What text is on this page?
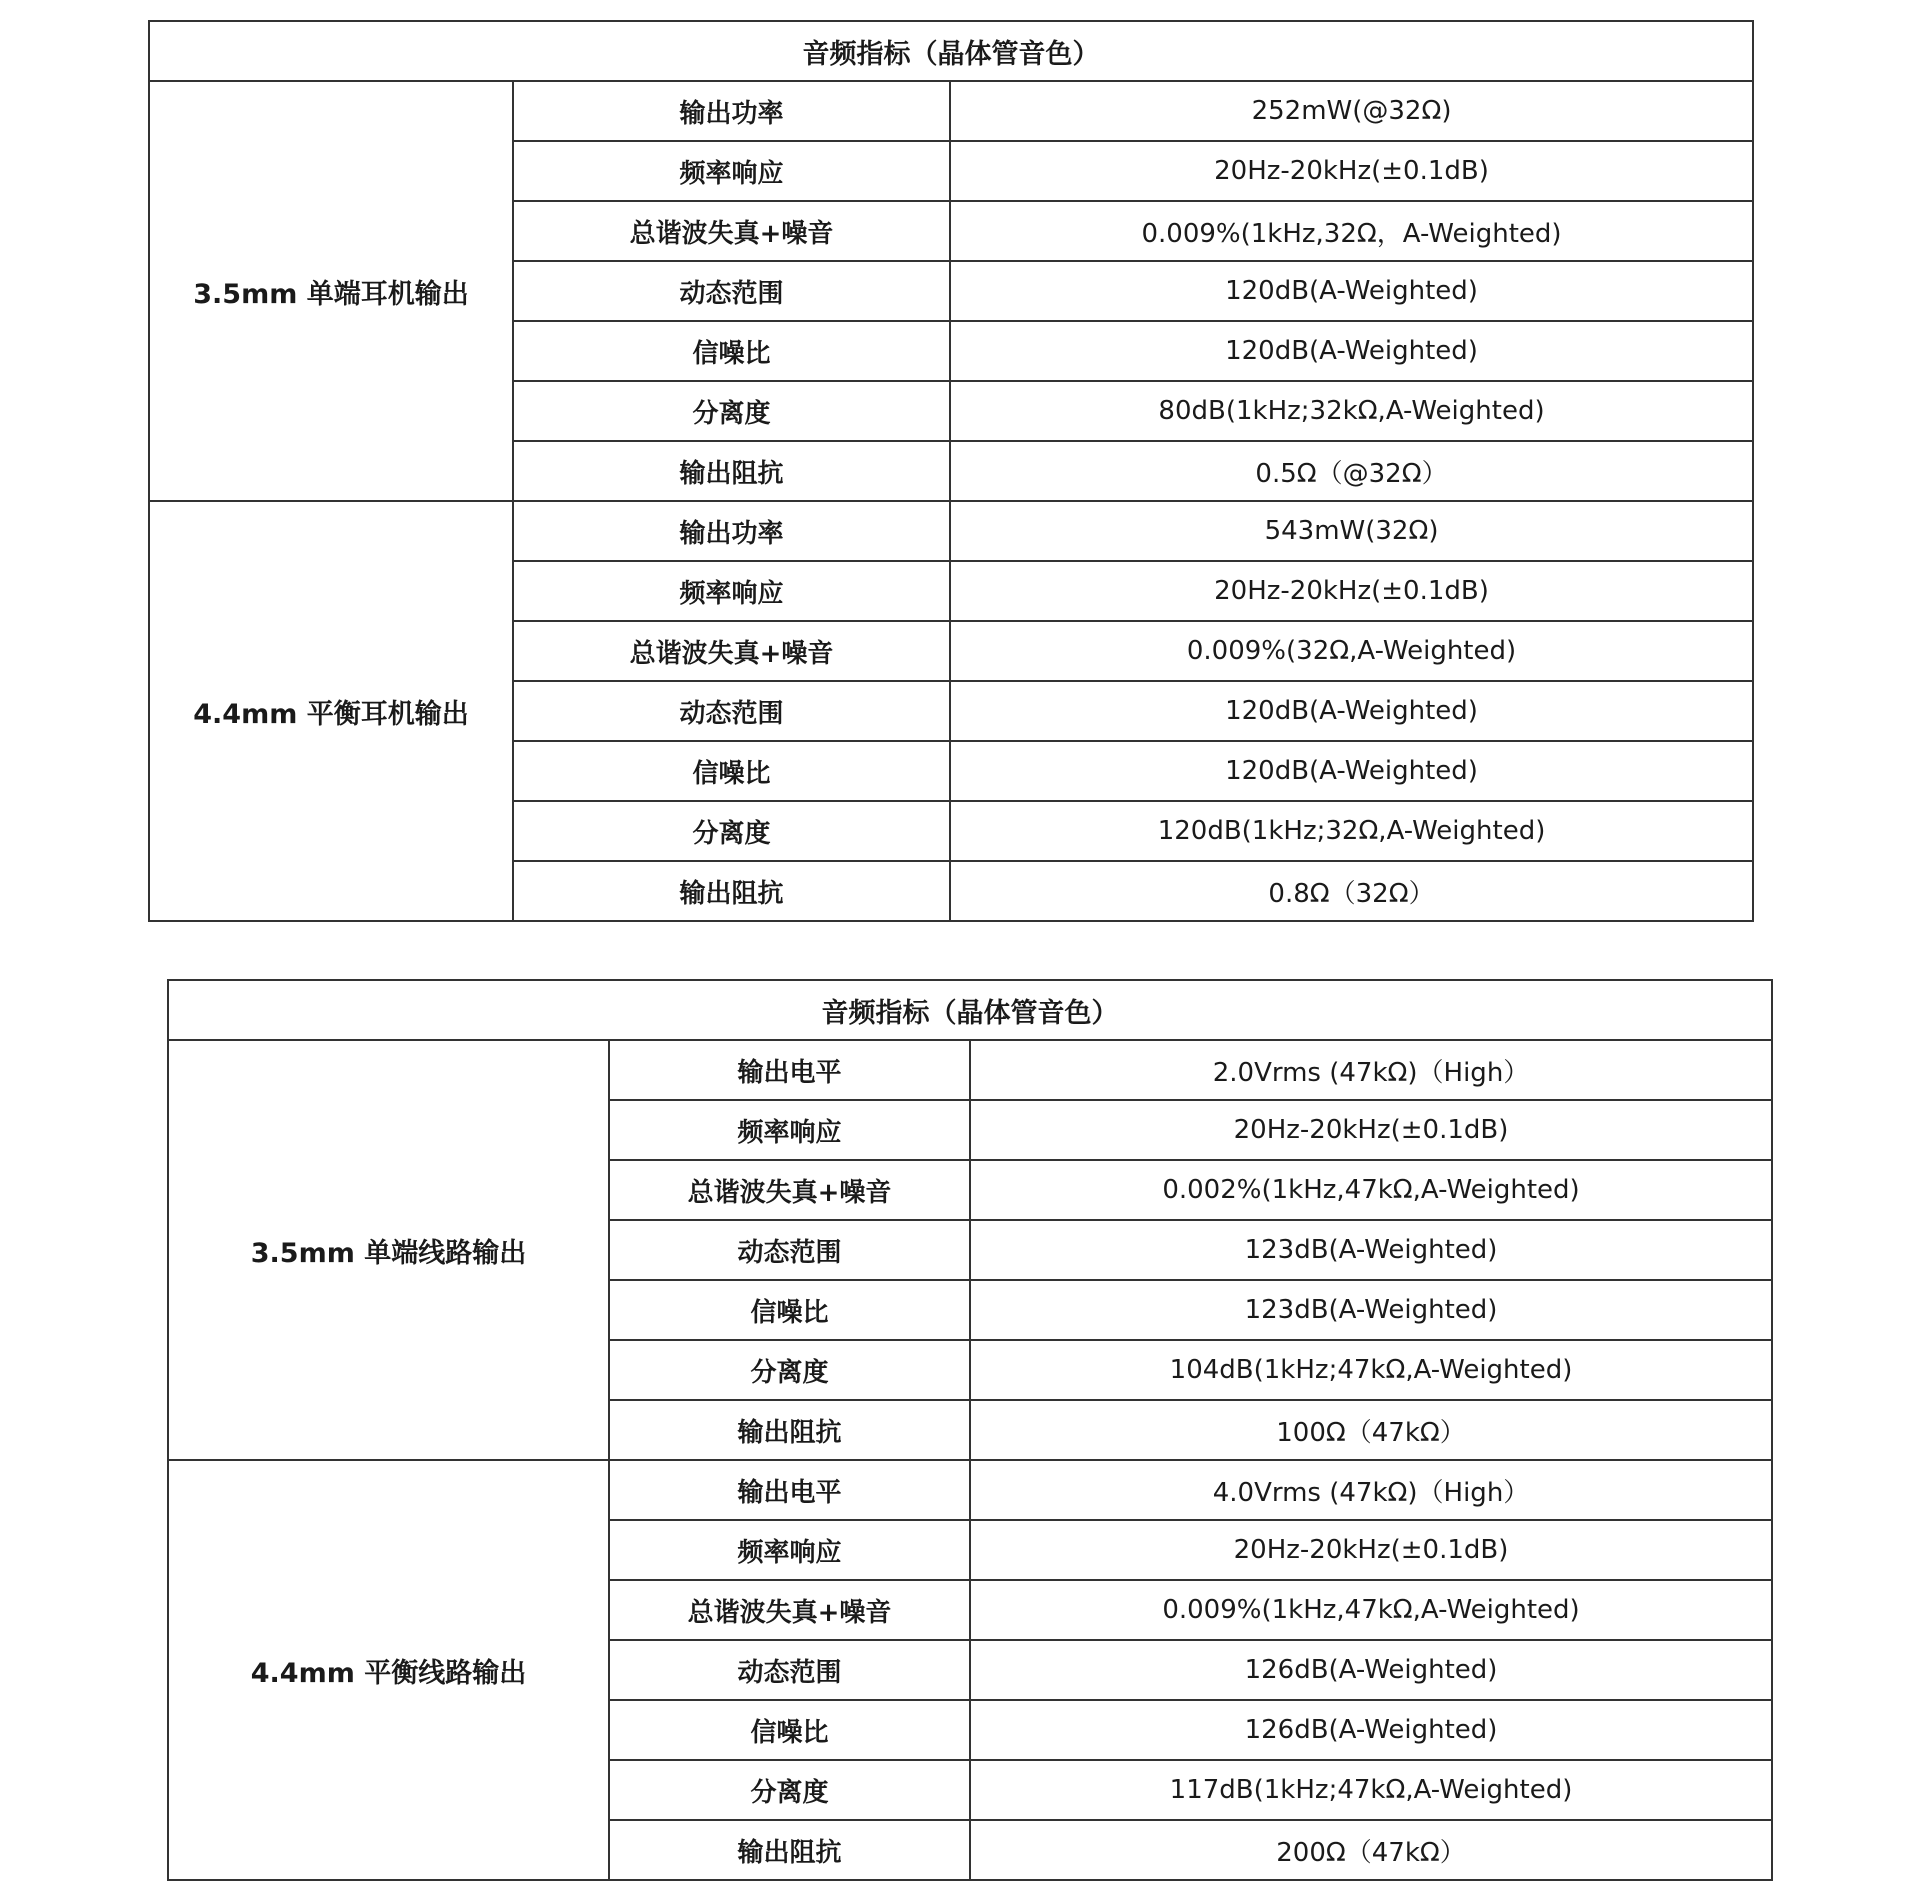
音频指标（晶体管音色）		
3.5mm 单端耳机输出	输出功率	252mW(@32Ω)
	频率响应	20Hz-20kHz(±0.1dB)
	总谐波失真+噪音	0.009%(1kHz,32Ω，A-Weighted)
	动态范围	120dB(A-Weighted)
	信噪比	120dB(A-Weighted)
	分离度	80dB(1kHz;32kΩ,A-Weighted)
	输出阻抗	0.5Ω（@32Ω）
4.4mm 平衡耳机输出	输出功率	543mW(32Ω)
	频率响应	20Hz-20kHz(±0.1dB)
	总谐波失真+噪音	0.009%(32Ω,A-Weighted)
	动态范围	120dB(A-Weighted)
	信噪比	120dB(A-Weighted)
	分离度	120dB(1kHz;32Ω,A-Weighted)
	输出阻抗	0.8Ω（32Ω）
音频指标（晶体管音色）		
3.5mm 单端线路输出	输出电平	2.0Vrms (47kΩ)（High）
	频率响应	20Hz-20kHz(±0.1dB)
	总谐波失真+噪音	0.002%(1kHz,47kΩ,A-Weighted)
	动态范围	123dB(A-Weighted)
	信噪比	123dB(A-Weighted)
	分离度	104dB(1kHz;47kΩ,A-Weighted)
	输出阻抗	100Ω（47kΩ）
4.4mm 平衡线路输出	输出电平	4.0Vrms (47kΩ)（High）
	频率响应	20Hz-20kHz(±0.1dB)
	总谐波失真+噪音	0.009%(1kHz,47kΩ,A-Weighted)
	动态范围	126dB(A-Weighted)
	信噪比	126dB(A-Weighted)
	分离度	117dB(1kHz;47kΩ,A-Weighted)
	输出阻抗	200Ω（47kΩ）
